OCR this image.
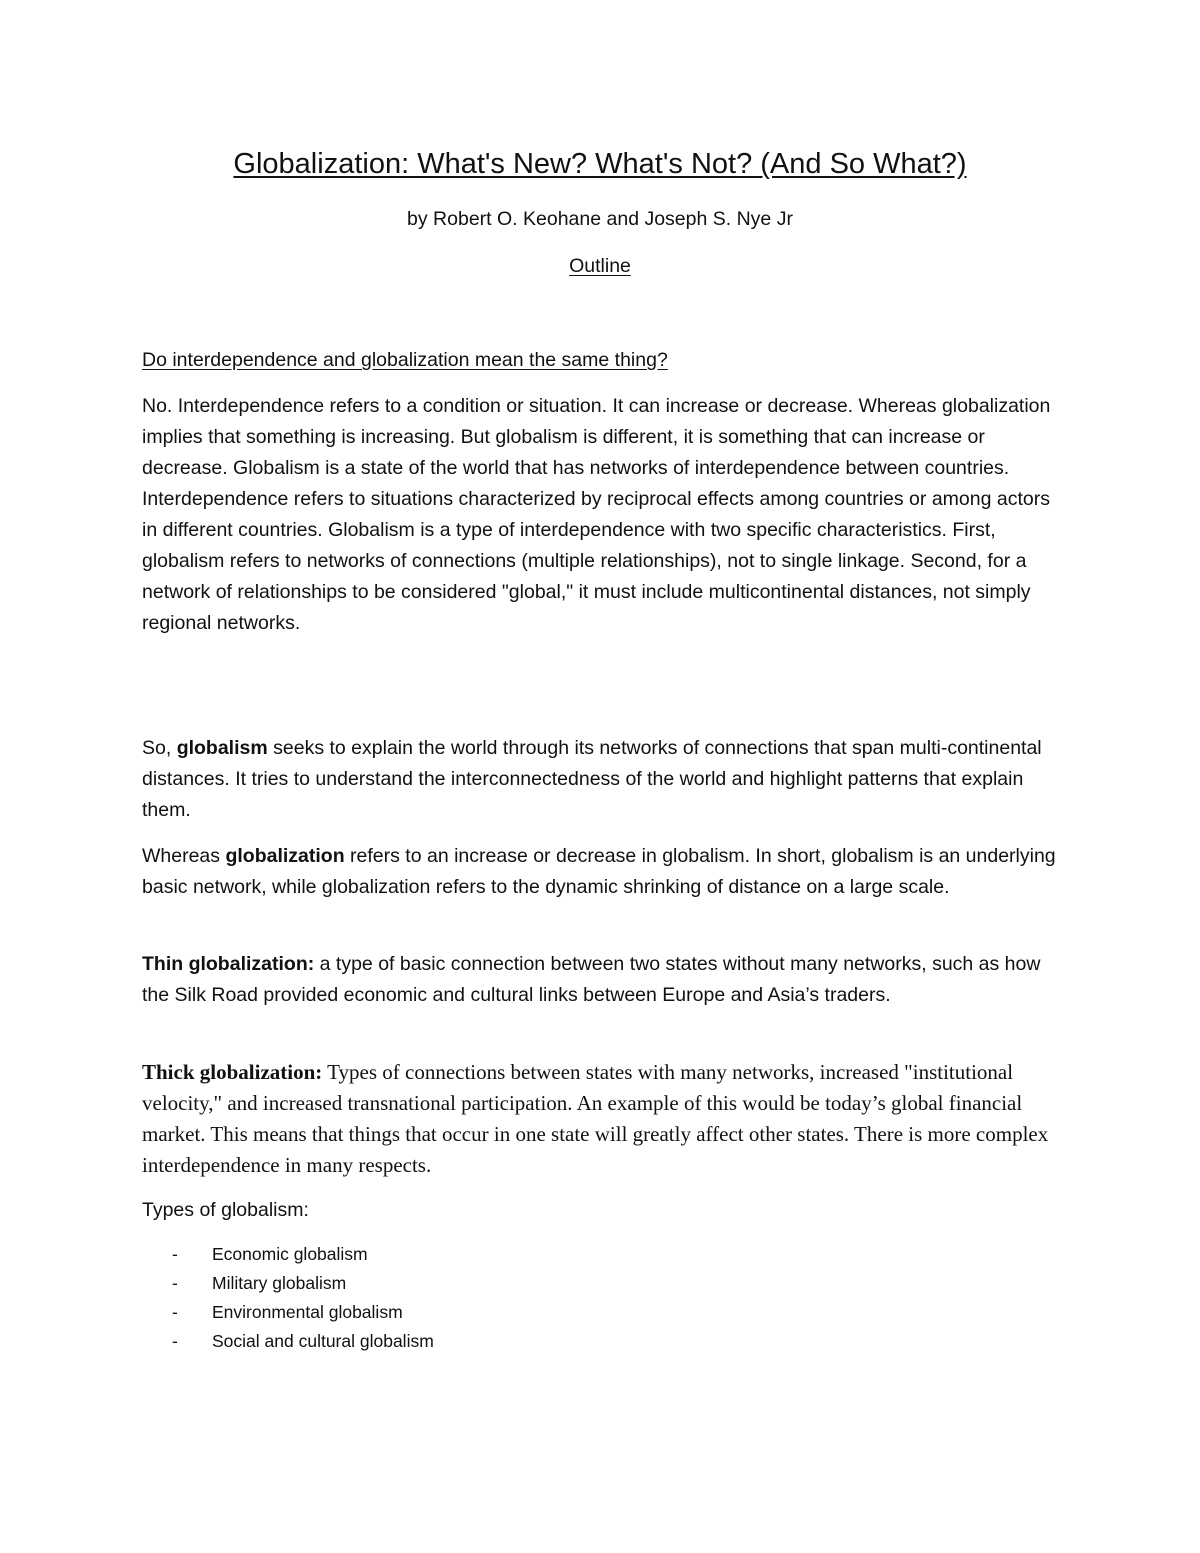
Globalization: What's New? What's Not? (And So What?)
by Robert O. Keohane and Joseph S. Nye Jr
Outline
Do interdependence and globalization mean the same thing?

No. Interdependence refers to a condition or situation. It can increase or decrease. Whereas globalization implies that something is increasing. But globalism is different, it is something that can increase or decrease. Globalism is a state of the world that has networks of interdependence between countries. Interdependence refers to situations characterized by reciprocal effects among countries or among actors in different countries. Globalism is a type of interdependence with two specific characteristics. First, globalism refers to networks of connections (multiple relationships), not to single linkage. Second, for a network of relationships to be considered "global," it must include multicontinental distances, not simply regional networks.

So, globalism seeks to explain the world through its networks of connections that span multi-continental distances. It tries to understand the interconnectedness of the world and highlight patterns that explain them.

Whereas globalization refers to an increase or decrease in globalism. In short, globalism is an underlying basic network, while globalization refers to the dynamic shrinking of distance on a large scale.

Thin globalization: a type of basic connection between two states without many networks, such as how the Silk Road provided economic and cultural links between Europe and Asia’s traders.

Thick globalization: Types of connections between states with many networks, increased "institutional velocity," and increased transnational participation. An example of this would be today’s global financial market. This means that things that occur in one state will greatly affect other states. There is more complex interdependence in many respects.

Types of globalism:
- Economic globalism
- Military globalism
- Environmental globalism
- Social and cultural globalism
